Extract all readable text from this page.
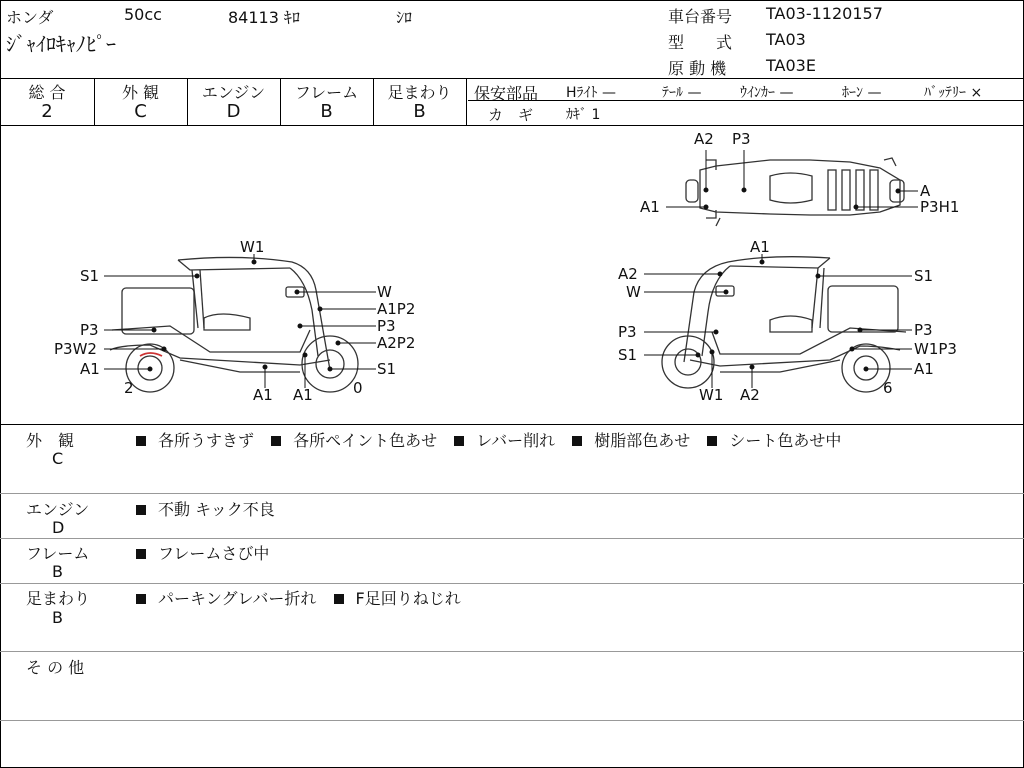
ホンダ	50cc	84113 ｷﾛ	ｼﾛ
ｼﾞｬｲﾛｷｬﾉﾋﾟｰ
車台番号 TA03-1120157
型　　式 TA03
原 動 機 TA03E
総 合
2
外 観
C
エンジン
D
フレーム
B
足まわり
B
保安部品 Hﾗｲﾄ —	ﾃｰﾙ —	ｳｲﾝｶｰ —	ﾎｰﾝ —	ﾊﾞｯﾃﾘｰ ×
カ　ギ ｶｷﾞ 1
A2 P3
A1
A
P3H1
W1
S1
W
A1P2
P3
P3
P3W2	A2P2
A1	S1
2	A1 A1	0
A1
A2	S1
W
P3	P3
S1	W1P3
A1
W1 A2	6
外　観
C
各所うすきず 各所ペイント色あせ レバー削れ 樹脂部色あせ シート色あせ中
エンジン
D
不動 キック不良
フレーム
B
フレームさび中
足まわり
B
パーキングレバー折れ F足回りねじれ
そ の 他
